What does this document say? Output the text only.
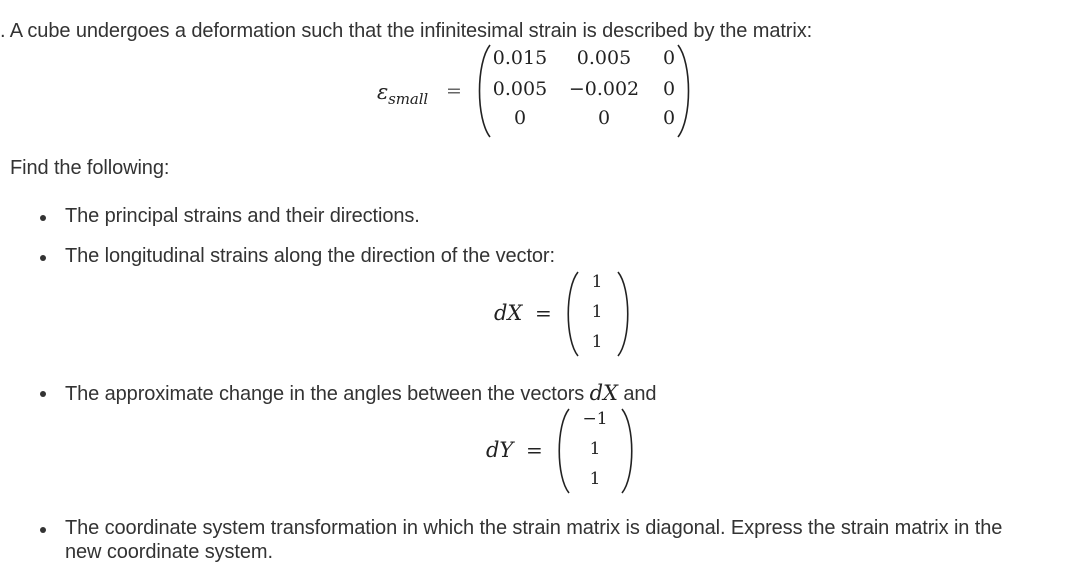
. A cube undergoes a deformation such that the infinitesimal strain is described by the matrix:
$\varepsilon_{small}$ =
0.015	0.005	0
0.005	−0.002 0
0	0	0
Find the following:
The principal strains and their directions.
The longitudinal strains along the direction of the vector:
dX =
1
1
1
The approximate change in the angles between the vectors dX and
dY =
−1
1
1
The coordinate system transformation in which the strain matrix is diagonal. Express the strain matrix in the
new coordinate system.
